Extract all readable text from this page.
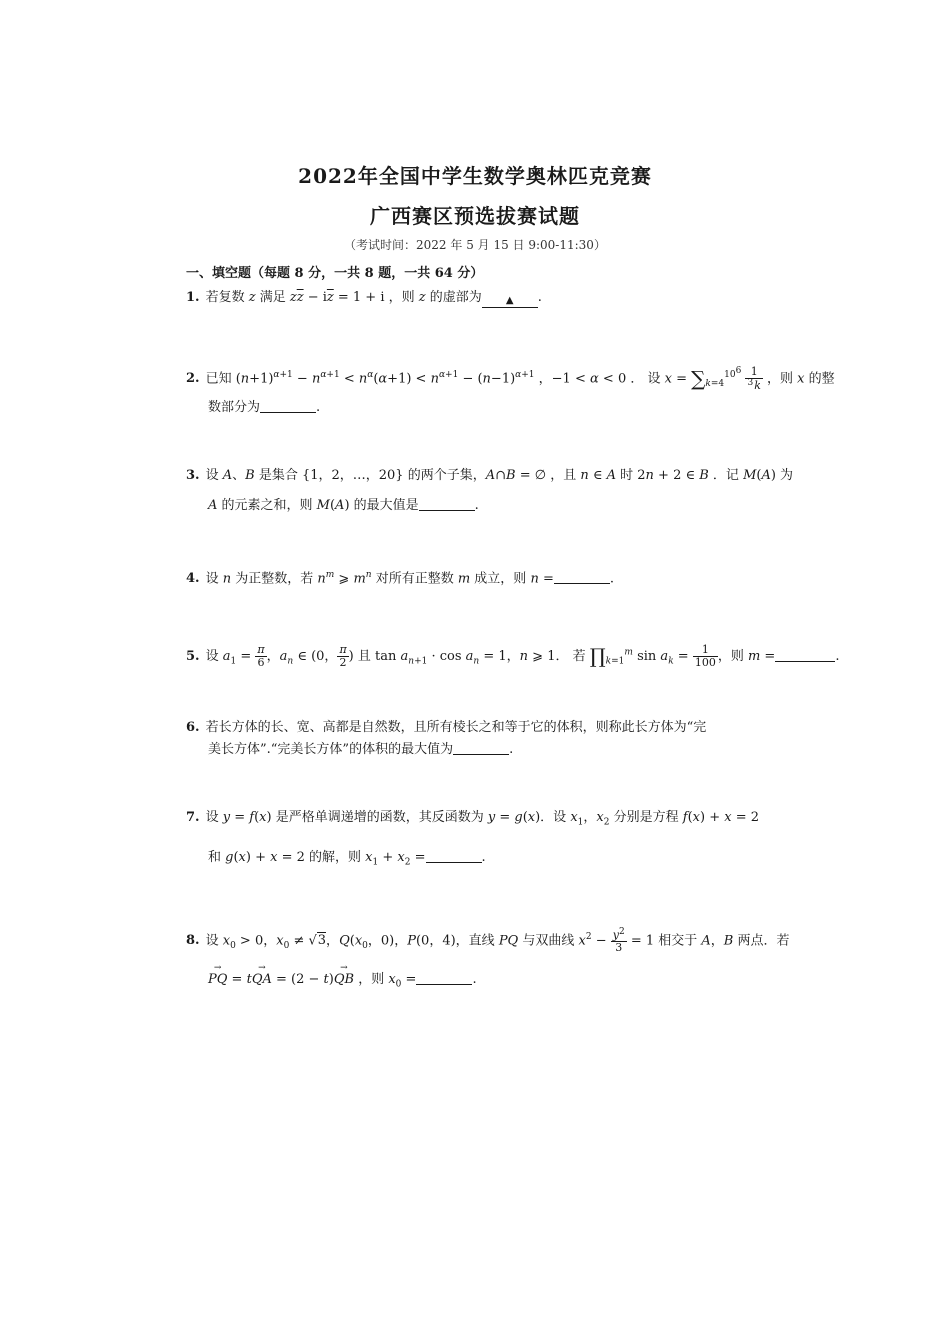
2022年全国中学生数学奥林匹克竞赛
广西赛区预选拔赛试题
（考试时间：2022 年 5 月 15 日 9:00-11:30）
一、填空题（每题 8 分，一共 8 题，一共 64 分）
1. 若复数 z 满足 $z\overline{z} - i\overline{z} = 1 + i$ ，则 z 的虚部为 ▲ .
2. 已知 $(n+1)^{\alpha+1} - n^{\alpha+1} < n^\alpha(\alpha+1) < n^{\alpha+1} - (n-1)^{\alpha+1}$ ，−1 < α < 0 ． 设 $x = \sum_{k=4}^{10^6} \frac{1}{^3k}$ ，则 x 的整
数部分为	.
3. 设 A、B 是集合 {1，2，…，20} 的两个子集，A∩B = ∅ ，且 n ∈ A 时 2n + 2 ∈ B ．记 M(A) 为
A 的元素之和，则 M(A) 的最大值是	.
4. 设 n 为正整数，若 $n^m$ ⩾ $m^n$ 对所有正整数 m 成立，则 n =	.
5. 设 $a_1 = \frac{\pi}{6}$ ，$a_n$ ∈ (0， $\frac{\pi}{2}$ ) 且 $\tan a_{n+1} \cdot \cos a_n = 1$，n ⩾ 1． 若 $\prod_{k=1}^m$ $\sin a_k = \frac{1}{100}$ ，则 m =	.
6. 若长方体的长、宽、高都是自然数，且所有棱长之和等于它的体积，则称此长方体为“完
美长方体”.“完美长方体”的体积的最大值为	.
7. 设 y = f(x) 是严格单调递增的函数，其反函数为 y = g(x)．设 $x_1$，$x_2$ 分别是方程 f(x) + x = 2
和 g(x) + x = 2 的解，则 $x_1 + x_2$ =	.
8. 设 $x_0 > 0$，$x_0 \ne √3$，$Q(x_0$，0)，P(0，4)，直线 PQ 与双曲线 $x^2 - \frac{y^2}{3} = 1$ 相交于 A，B 两点．若
→ PQ = t→ QA = (2 − t)→ QB ，则 $x_0$ =	.
